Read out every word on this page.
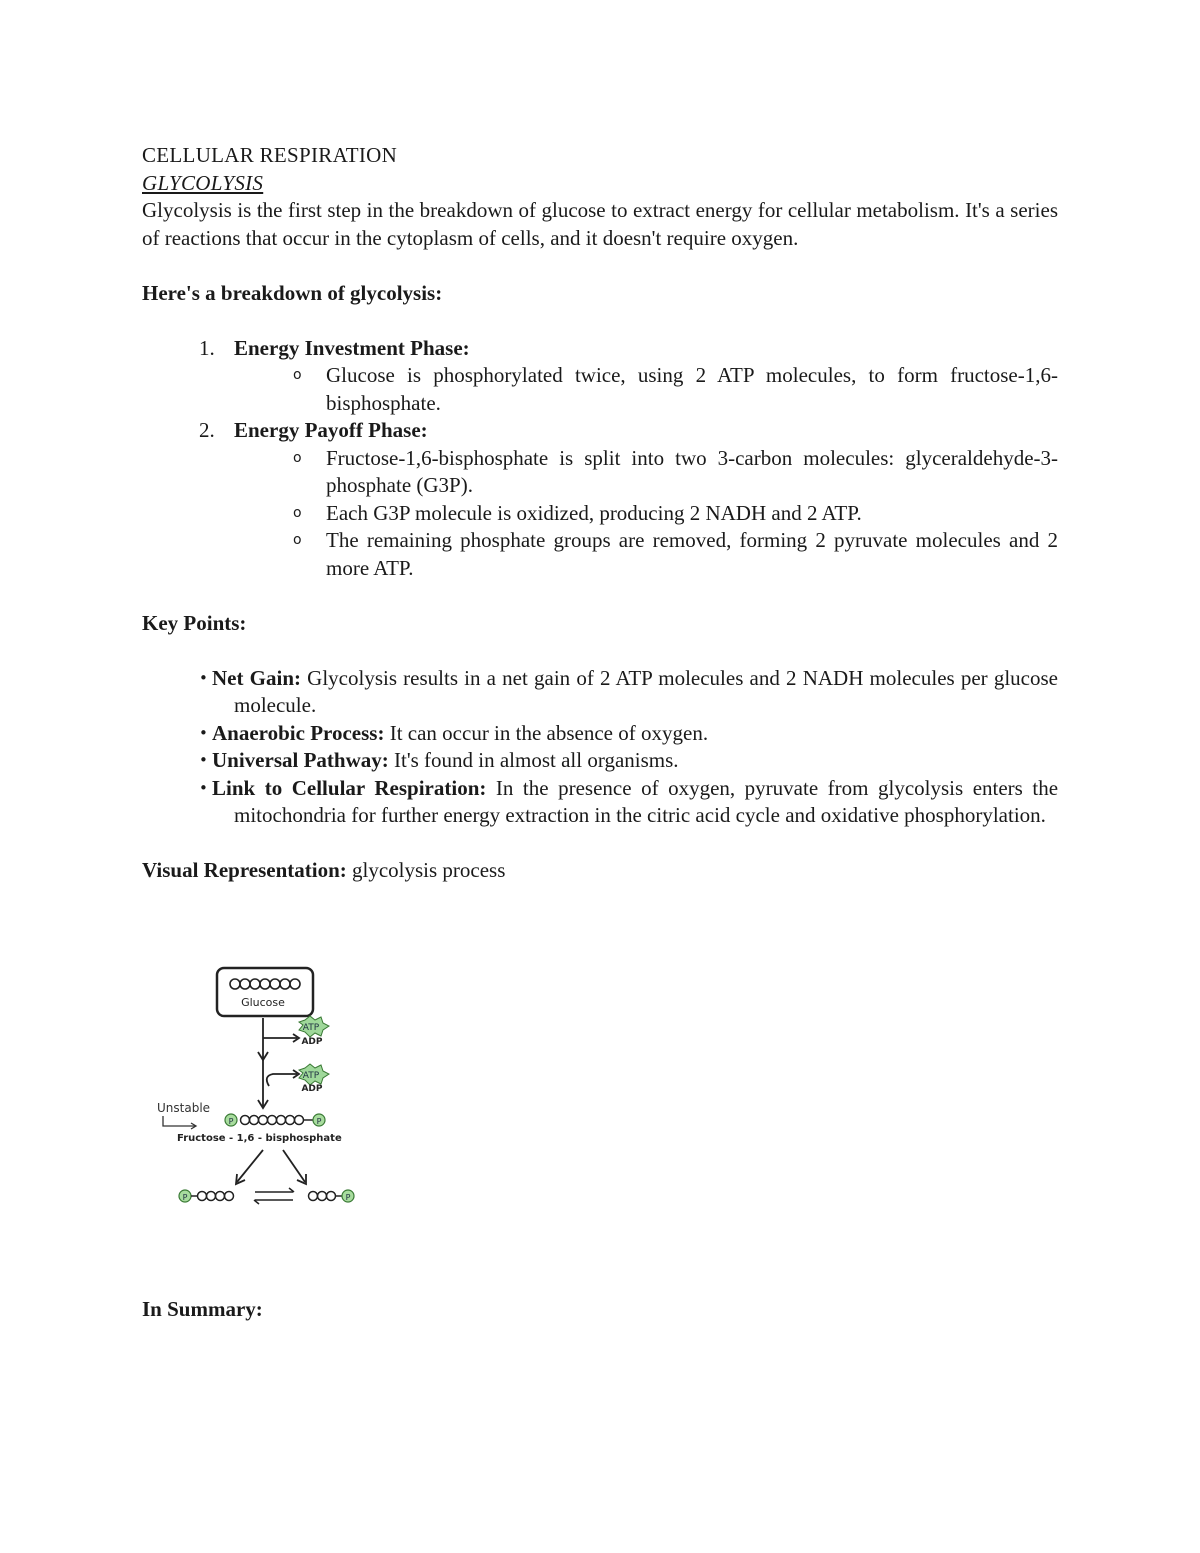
CELLULAR RESPIRATION

GLYCOLYSIS

Glycolysis is the first step in the breakdown of glucose to extract energy for cellular metabolism. It's a series of reactions that occur in the cytoplasm of cells, and it doesn't require oxygen.

Here's a breakdown of glycolysis:

1. Energy Investment Phase:
o Glucose is phosphorylated twice, using 2 ATP molecules, to form fructose-1,6-bisphosphate.
2. Energy Payoff Phase:
o Fructose-1,6-bisphosphate is split into two 3-carbon molecules: glyceraldehyde-3-phosphate (G3P).
o Each G3P molecule is oxidized, producing 2 NADH and 2 ATP.
o The remaining phosphate groups are removed, forming 2 pyruvate molecules and 2 more ATP.

Key Points:

• Net Gain: Glycolysis results in a net gain of 2 ATP molecules and 2 NADH molecules per glucose molecule.
• Anaerobic Process: It can occur in the absence of oxygen.
• Universal Pathway: It's found in almost all organisms.
• Link to Cellular Respiration: In the presence of oxygen, pyruvate from glycolysis enters the mitochondria for further energy extraction in the citric acid cycle and oxidative phosphorylation.

Visual Representation: glycolysis process

Glucose
ATP
ADP
ATP
ADP
Unstable
P	P
Fructose - 1,6 - bisphosphate
P	P

In Summary:
